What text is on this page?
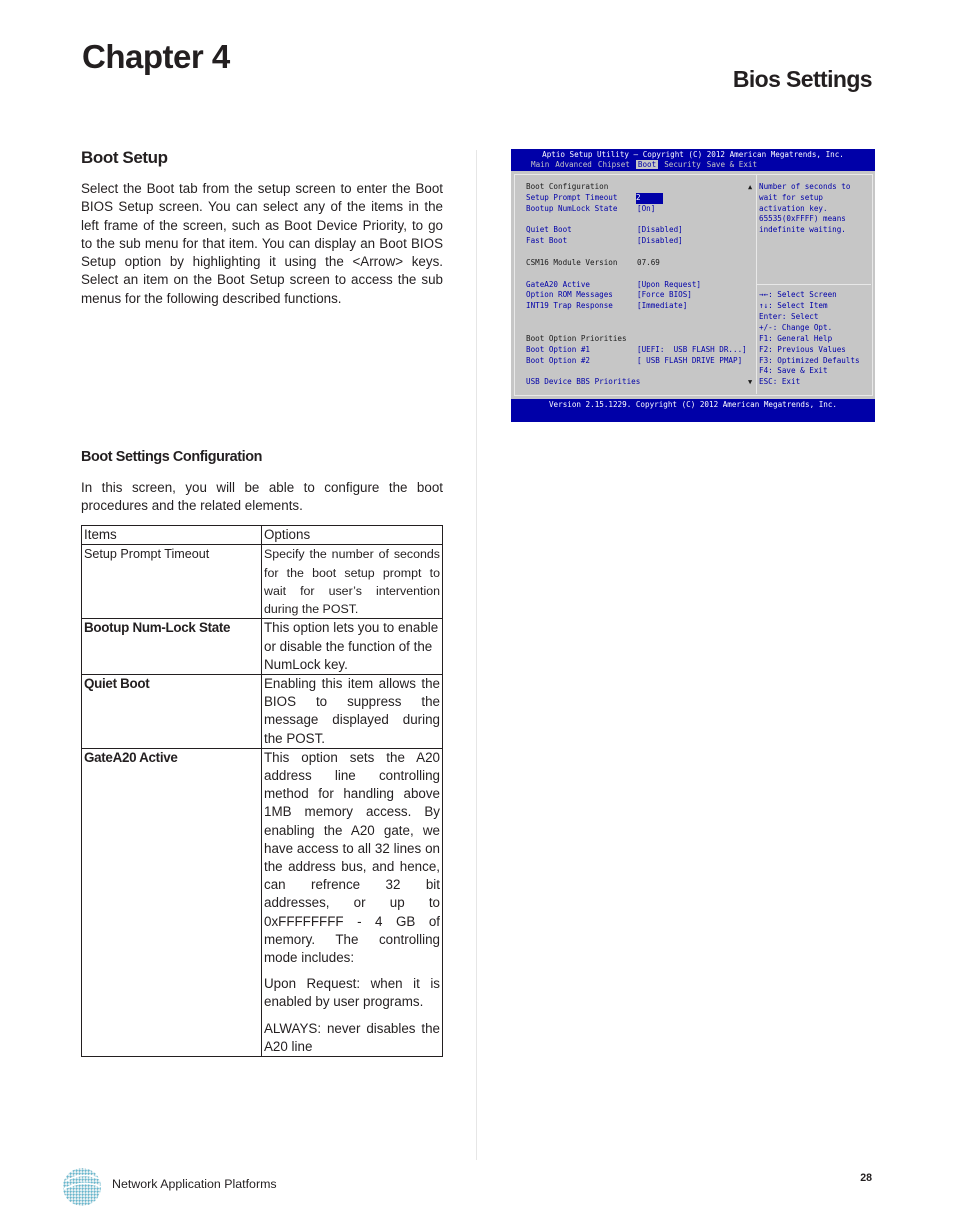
Chapter 4
Bios Settings
Boot Setup
Select the Boot tab from the setup screen to enter the Boot BIOS Setup screen. You can select any of the items in the left frame of the screen, such as Boot Device Priority, to go to the sub menu for that item. You can display an Boot BIOS Setup option by highlighting it using the <Arrow> keys. Select an item on the Boot Setup screen to access the sub menus for the following described functions.
Boot Settings Configuration
In this screen, you will be able to configure the boot procedures and the related elements.
Items	Options
Setup Prompt Timeout	Specify the number of seconds for the boot setup prompt to wait for user’s intervention during the POST.
Bootup Num-Lock State	This option lets you to enable or disable the function of the NumLock key.
Quiet Boot	Enabling this item allows the BIOS to suppress the message displayed during the POST.
GateA20 Active	This option sets the A20 address line controlling method for handling above 1MB memory access. By enabling the A20 gate, we have access to all 32 lines on the address bus, and hence, can refrence 32 bit addresses, or up to 0xFFFFFFFF - 4 GB of memory. The controlling mode includes:

Upon Request: when it is enabled by user programs.

ALWAYS: never disables the A20 line

Aptio Setup Utility – Copyright (C) 2012 American Megatrends, Inc.
Main Advanced Chipset Boot Security Save & Exit
Boot Configuration
Setup Prompt Timeout 2
Bootup NumLock State	[On]
Quiet Boot	[Disabled]
Fast Boot	[Disabled]
CSM16 Module Version	07.69
GateA20 Active	[Upon Request]
Option ROM Messages	[Force BIOS]
INT19 Trap Response	[Immediate]
Boot Option Priorities
Boot Option #1	[UEFI:  USB FLASH DR...]
Boot Option #2	[ USB FLASH DRIVE PMAP]
USB Device BBS Priorities
▲
▼
Number of seconds to
wait for setup
activation key.
65535(0xFFFF) means
indefinite waiting.
→←: Select Screen
↑↓: Select Item
Enter: Select
+/-: Change Opt.
F1: General Help
F2: Previous Values
F3: Optimized Defaults
F4: Save & Exit
ESC: Exit
Version 2.15.1229. Copyright (C) 2012 American Megatrends, Inc.
Network Application Platforms	28
